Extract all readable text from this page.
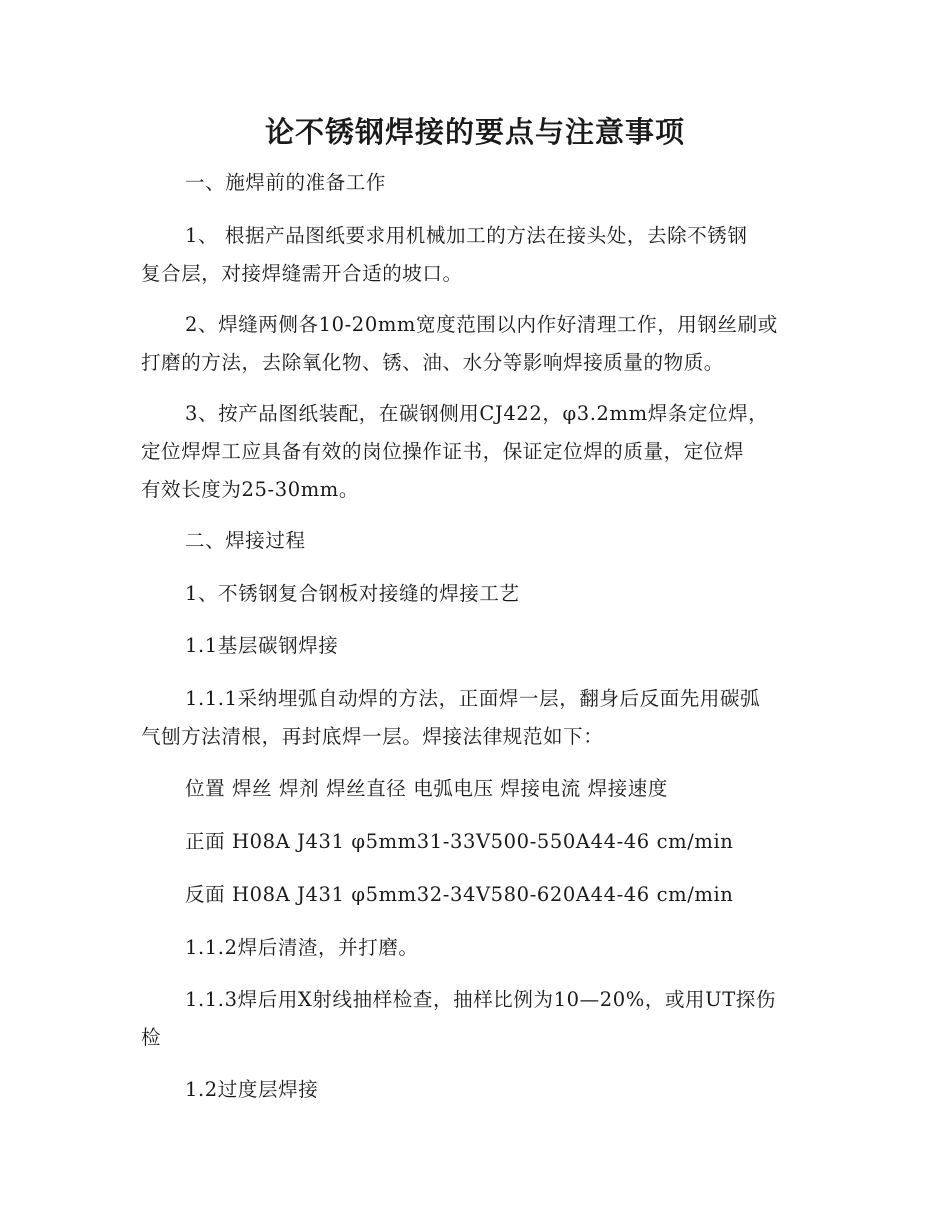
论不锈钢焊接的要点与注意事项
一、施焊前的准备工作
1、 根据产品图纸要求用机械加工的方法在接头处，去除不锈钢
复合层，对接焊缝需开合适的坡口。
2、焊缝两侧各10-20mm宽度范围以内作好清理工作，用钢丝刷或
打磨的方法，去除氧化物、锈、油、水分等影响焊接质量的物质。
3、按产品图纸装配，在碳钢侧用CJ422，φ3.2mm焊条定位焊，
定位焊焊工应具备有效的岗位操作证书，保证定位焊的质量，定位焊
有效长度为25-30mm。
二、焊接过程
1、不锈钢复合钢板对接缝的焊接工艺
1.1基层碳钢焊接
1.1.1采纳埋弧自动焊的方法，正面焊一层，翻身后反面先用碳弧
气刨方法清根，再封底焊一层。焊接法律规范如下：
位置 焊丝 焊剂 焊丝直径 电弧电压 焊接电流 焊接速度
正面 H08A J431 φ5mm31-33V500-550A44-46 cm/min
反面 H08A J431 φ5mm32-34V580-620A44-46 cm/min
1.1.2焊后清渣，并打磨。
1.1.3焊后用X射线抽样检查，抽样比例为10—20%，或用UT探伤
检
1.2过度层焊接
